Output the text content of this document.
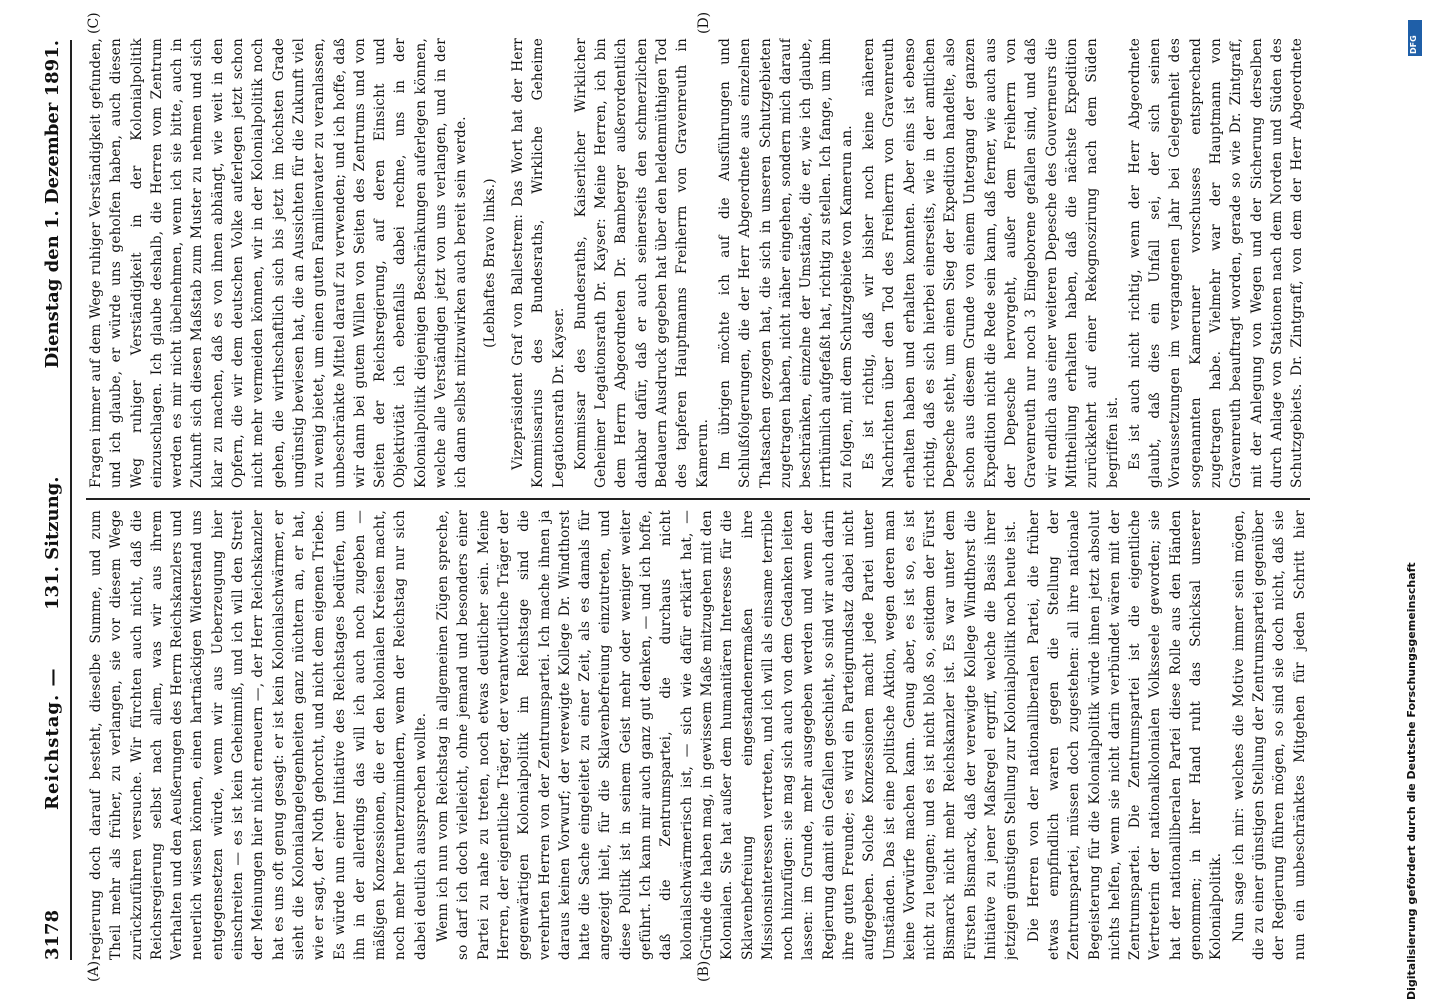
3178
Reichstag. —
131. Sitzung.
Dienstag den 1. Dezember 1891.
(A)	(B)
(C)	(D)

regierung doch darauf besteht, dieselbe Summe, und zum Theil mehr als früher, zu verlangen, sie vor diesem Wege zurückzuführen versuche. Wir fürchten auch nicht, daß die Reichsregierung selbst nach allem, was wir aus ihrem Verhalten und den Aeußerungen des Herrn Reichskanzlers und neuerlich wissen können, einen hartnäckigen Widerstand uns entgegensetzen würde, wenn wir aus Ueberzeugung hier einschreiten — es ist kein Geheimniß, und ich will den Streit der Meinungen hier nicht erneuern —, der Herr Reichskanzler hat es uns oft genug gesagt: er ist kein Kolonialschwärmer, er sieht die Kolonialangelegenheiten ganz nüchtern an, er hat, wie er sagt, der Noth gehorcht, und nicht dem eigenen Triebe. Es würde nun einer Initiative des Reichstages bedürfen, um ihn in der allerdings das will ich auch noch zugeben — mäßigen Konzessionen, die er den kolonialen Kreisen macht, noch mehr herunterzumindern, wenn der Reichstag nur sich dabei deutlich aussprechen wollte. Wenn ich nun vom Reichstag in allgemeinen Zügen spreche, so darf ich doch vielleicht, ohne jemand und besonders einer Partei zu nahe zu treten, noch etwas deutlicher sein. Meine Herren, der eigentliche Träger, der verantwortliche Träger der gegenwärtigen Kolonialpolitik im Reichstage sind die verehrten Herren von der Zentrumspartei. Ich mache ihnen ja daraus keinen Vorwurf; der verewigte Kollege Dr. Windthorst hatte die Sache eingeleitet zu einer Zeit, als es damals für angezeigt hielt, für die Sklavenbefreiung einzutreten, und diese Politik ist in seinem Geist mehr oder weniger weiter geführt. Ich kann mir auch ganz gut denken, — und ich hoffe, daß die Zentrumspartei, die durchaus nicht kolonialschwärmerisch ist, — sich wie dafür erklärt hat, — Gründe die haben mag, in gewissem Maße mitzugehen mit den Kolonialen. Sie hat außer dem humanitären Interesse für die Sklavenbefreiung eingestandenermaßen ihre Missionsinteressen vertreten, und ich will als einsame terrible noch hinzufügen: sie mag sich auch von dem Gedanken leiten lassen: im Grunde, mehr ausgegeben werden und wenn der Regierung damit ein Gefallen geschieht, so sind wir auch darin ihre guten Freunde; es wird ein Parteigrundsatz dabei nicht aufgegeben. Solche Konzessionen macht jede Partei unter Umständen. Das ist eine politische Aktion, wegen deren man keine Vorwürfe machen kann. Genug aber, es ist so, es ist nicht zu leugnen; und es ist nicht bloß so, seitdem der Fürst Bismarck nicht mehr Reichskanzler ist. Es war unter dem Fürsten Bismarck, daß der verewigte Kollege Windthorst die Initiative zu jener Maßregel ergriff, welche die Basis ihrer jetzigen günstigen Stellung zur Kolonialpolitik noch heute ist. Die Herren von der nationalliberalen Partei, die früher etwas empfindlich waren gegen die Stellung der Zentrumspartei, müssen doch zugestehen: all ihre nationale Begeisterung für die Kolonialpolitik würde ihnen jetzt absolut nichts helfen, wenn sie nicht darin verbündet wären mit der Zentrumspartei. Die Zentrumspartei ist die eigentliche Vertreterin der nationalkolonialen Volksseele geworden; sie hat der nationalliberalen Partei diese Rolle aus den Händen genommen; in ihrer Hand ruht das Schicksal unserer Kolonialpolitik. Nun sage ich mir: welches die Motive immer sein mögen, die zu einer günstigen Stellung der Zentrumspartei gegenüber der Regierung führen mögen, so sind sie doch nicht, daß sie nun ein unbeschränktes Mitgehen für jeden Schritt hier

Fragen immer auf dem Wege ruhiger Verständigkeit gefunden, und ich glaube, er würde uns geholfen haben, auch diesen Weg ruhiger Verständigkeit in der Kolonialpolitik einzuschlagen. Ich glaube deshalb, die Herren vom Zentrum werden es mir nicht übelnehmen, wenn ich sie bitte, auch in Zukunft sich diesen Maßstab zum Muster zu nehmen und sich klar zu machen, daß es von ihnen abhängt, wie weit in den Opfern, die wir dem deutschen Volke auferlegen jetzt schon nicht mehr vermeiden können, wir in der Kolonialpolitik noch gehen, die wirthschaftlich sich bis jetzt im höchsten Grade ungünstig bewiesen hat, die an Aussichten für die Zukunft viel zu wenig bietet, um einen guten Familienvater zu veranlassen, unbeschränkte Mittel darauf zu verwenden; und ich hoffe, daß wir dann bei gutem Willen von Seiten des Zentrums und von Seiten der Reichsregierung, auf deren Einsicht und Objektivität ich ebenfalls dabei rechne, uns in der Kolonialpolitik diejenigen Beschränkungen auferlegen können, welche alle Verständigen jetzt von uns verlangen, und in der ich dann selbst mitzuwirken auch bereit sein werde. (Lebhaftes Bravo links.) Vizepräsident Graf von Ballestrem: Das Wort hat der Herr Kommissarius des Bundesraths, Wirkliche Geheime Legationsrath Dr. Kayser. Kommissar des Bundesraths, Kaiserlicher Wirklicher Geheimer Legationsrath Dr. Kayser: Meine Herren, ich bin dem Herrn Abgeordneten Dr. Bamberger außerordentlich dankbar dafür, daß er auch seinerseits den schmerzlichen Bedauern Ausdruck gegeben hat über den heldenmüthigen Tod des tapferen Hauptmanns Freiherrn von Gravenreuth in Kamerun. Im übrigen möchte ich auf die Ausführungen und Schlußfolgerungen, die der Herr Abgeordnete aus einzelnen Thatsachen gezogen hat, die sich in unseren Schutzgebieten zugetragen haben, nicht näher eingehen, sondern mich darauf beschränken, einzelne der Umstände, die er, wie ich glaube, irrthümlich aufgefaßt hat, richtig zu stellen. Ich fange, um ihm zu folgen, mit dem Schutzgebiete von Kamerun an. Es ist richtig, daß wir bisher noch keine näheren Nachrichten über den Tod des Freiherrn von Gravenreuth erhalten haben und erhalten konnten. Aber eins ist ebenso richtig, daß es sich hierbei einerseits, wie in der amtlichen Depesche steht, um einen Sieg der Expedition handelte, also schon aus diesem Grunde von einem Untergang der ganzen Expedition nicht die Rede sein kann, daß ferner, wie auch aus der Depesche hervorgeht, außer dem Freiherrn von Gravenreuth nur noch 3 Eingeborene gefallen sind, und daß wir endlich aus einer weiteren Depesche des Gouverneurs die Mittheilung erhalten haben, daß die nächste Expedition zurückkehrt auf einer Rekognoszirung nach dem Süden begriffen ist. Es ist auch nicht richtig, wenn der Herr Abgeordnete glaubt, daß dies ein Unfall sei, der sich seinen Voraussetzungen im vergangenen Jahr bei Gelegenheit des sogenannten Kameruner vorschusses entsprechend zugetragen habe. Vielmehr war der Hauptmann von Gravenreuth beauftragt worden, gerade so wie Dr. Zintgraff, mit der Anlegung von Wegen und der Sicherung derselben durch Anlage von Stationen nach dem Norden und Süden des Schutzgebiets. Dr. Zintgraff, von dem der Herr Abgeordnete	DFG
Digitalisierung gefördert durch die Deutsche Forschungsgemeinschaft
